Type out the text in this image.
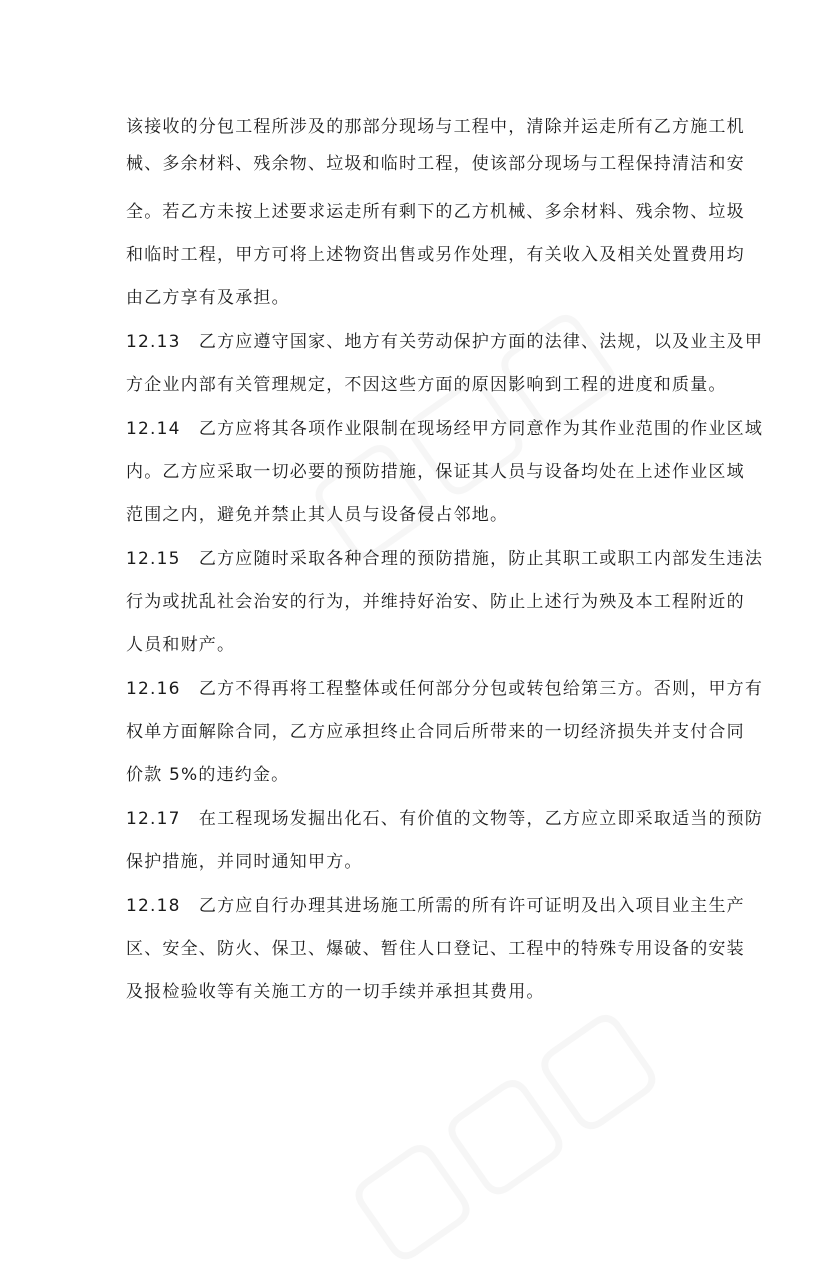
该接收的分包工程所涉及的那部分现场与工程中，清除并运走所有乙方施工机
械、多余材料、残余物、垃圾和临时工程，使该部分现场与工程保持清洁和安
全。若乙方未按上述要求运走所有剩下的乙方机械、多余材料、残余物、垃圾
和临时工程，甲方可将上述物资出售或另作处理，有关收入及相关处置费用均
由乙方享有及承担。
12.13　乙方应遵守国家、地方有关劳动保护方面的法律、法规，以及业主及甲
方企业内部有关管理规定，不因这些方面的原因影响到工程的进度和质量。
12.14　乙方应将其各项作业限制在现场经甲方同意作为其作业范围的作业区域
内。乙方应采取一切必要的预防措施，保证其人员与设备均处在上述作业区域
范围之内，避免并禁止其人员与设备侵占邻地。
12.15　乙方应随时采取各种合理的预防措施，防止其职工或职工内部发生违法
行为或扰乱社会治安的行为，并维持好治安、防止上述行为殃及本工程附近的
人员和财产。
12.16　乙方不得再将工程整体或任何部分分包或转包给第三方。否则，甲方有
权单方面解除合同，乙方应承担终止合同后所带来的一切经济损失并支付合同
价款 5%的违约金。
12.17　在工程现场发掘出化石、有价值的文物等，乙方应立即采取适当的预防
保护措施，并同时通知甲方。
12.18　乙方应自行办理其进场施工所需的所有许可证明及出入项目业主生产
区、安全、防火、保卫、爆破、暂住人口登记、工程中的特殊专用设备的安装
及报检验收等有关施工方的一切手续并承担其费用。
